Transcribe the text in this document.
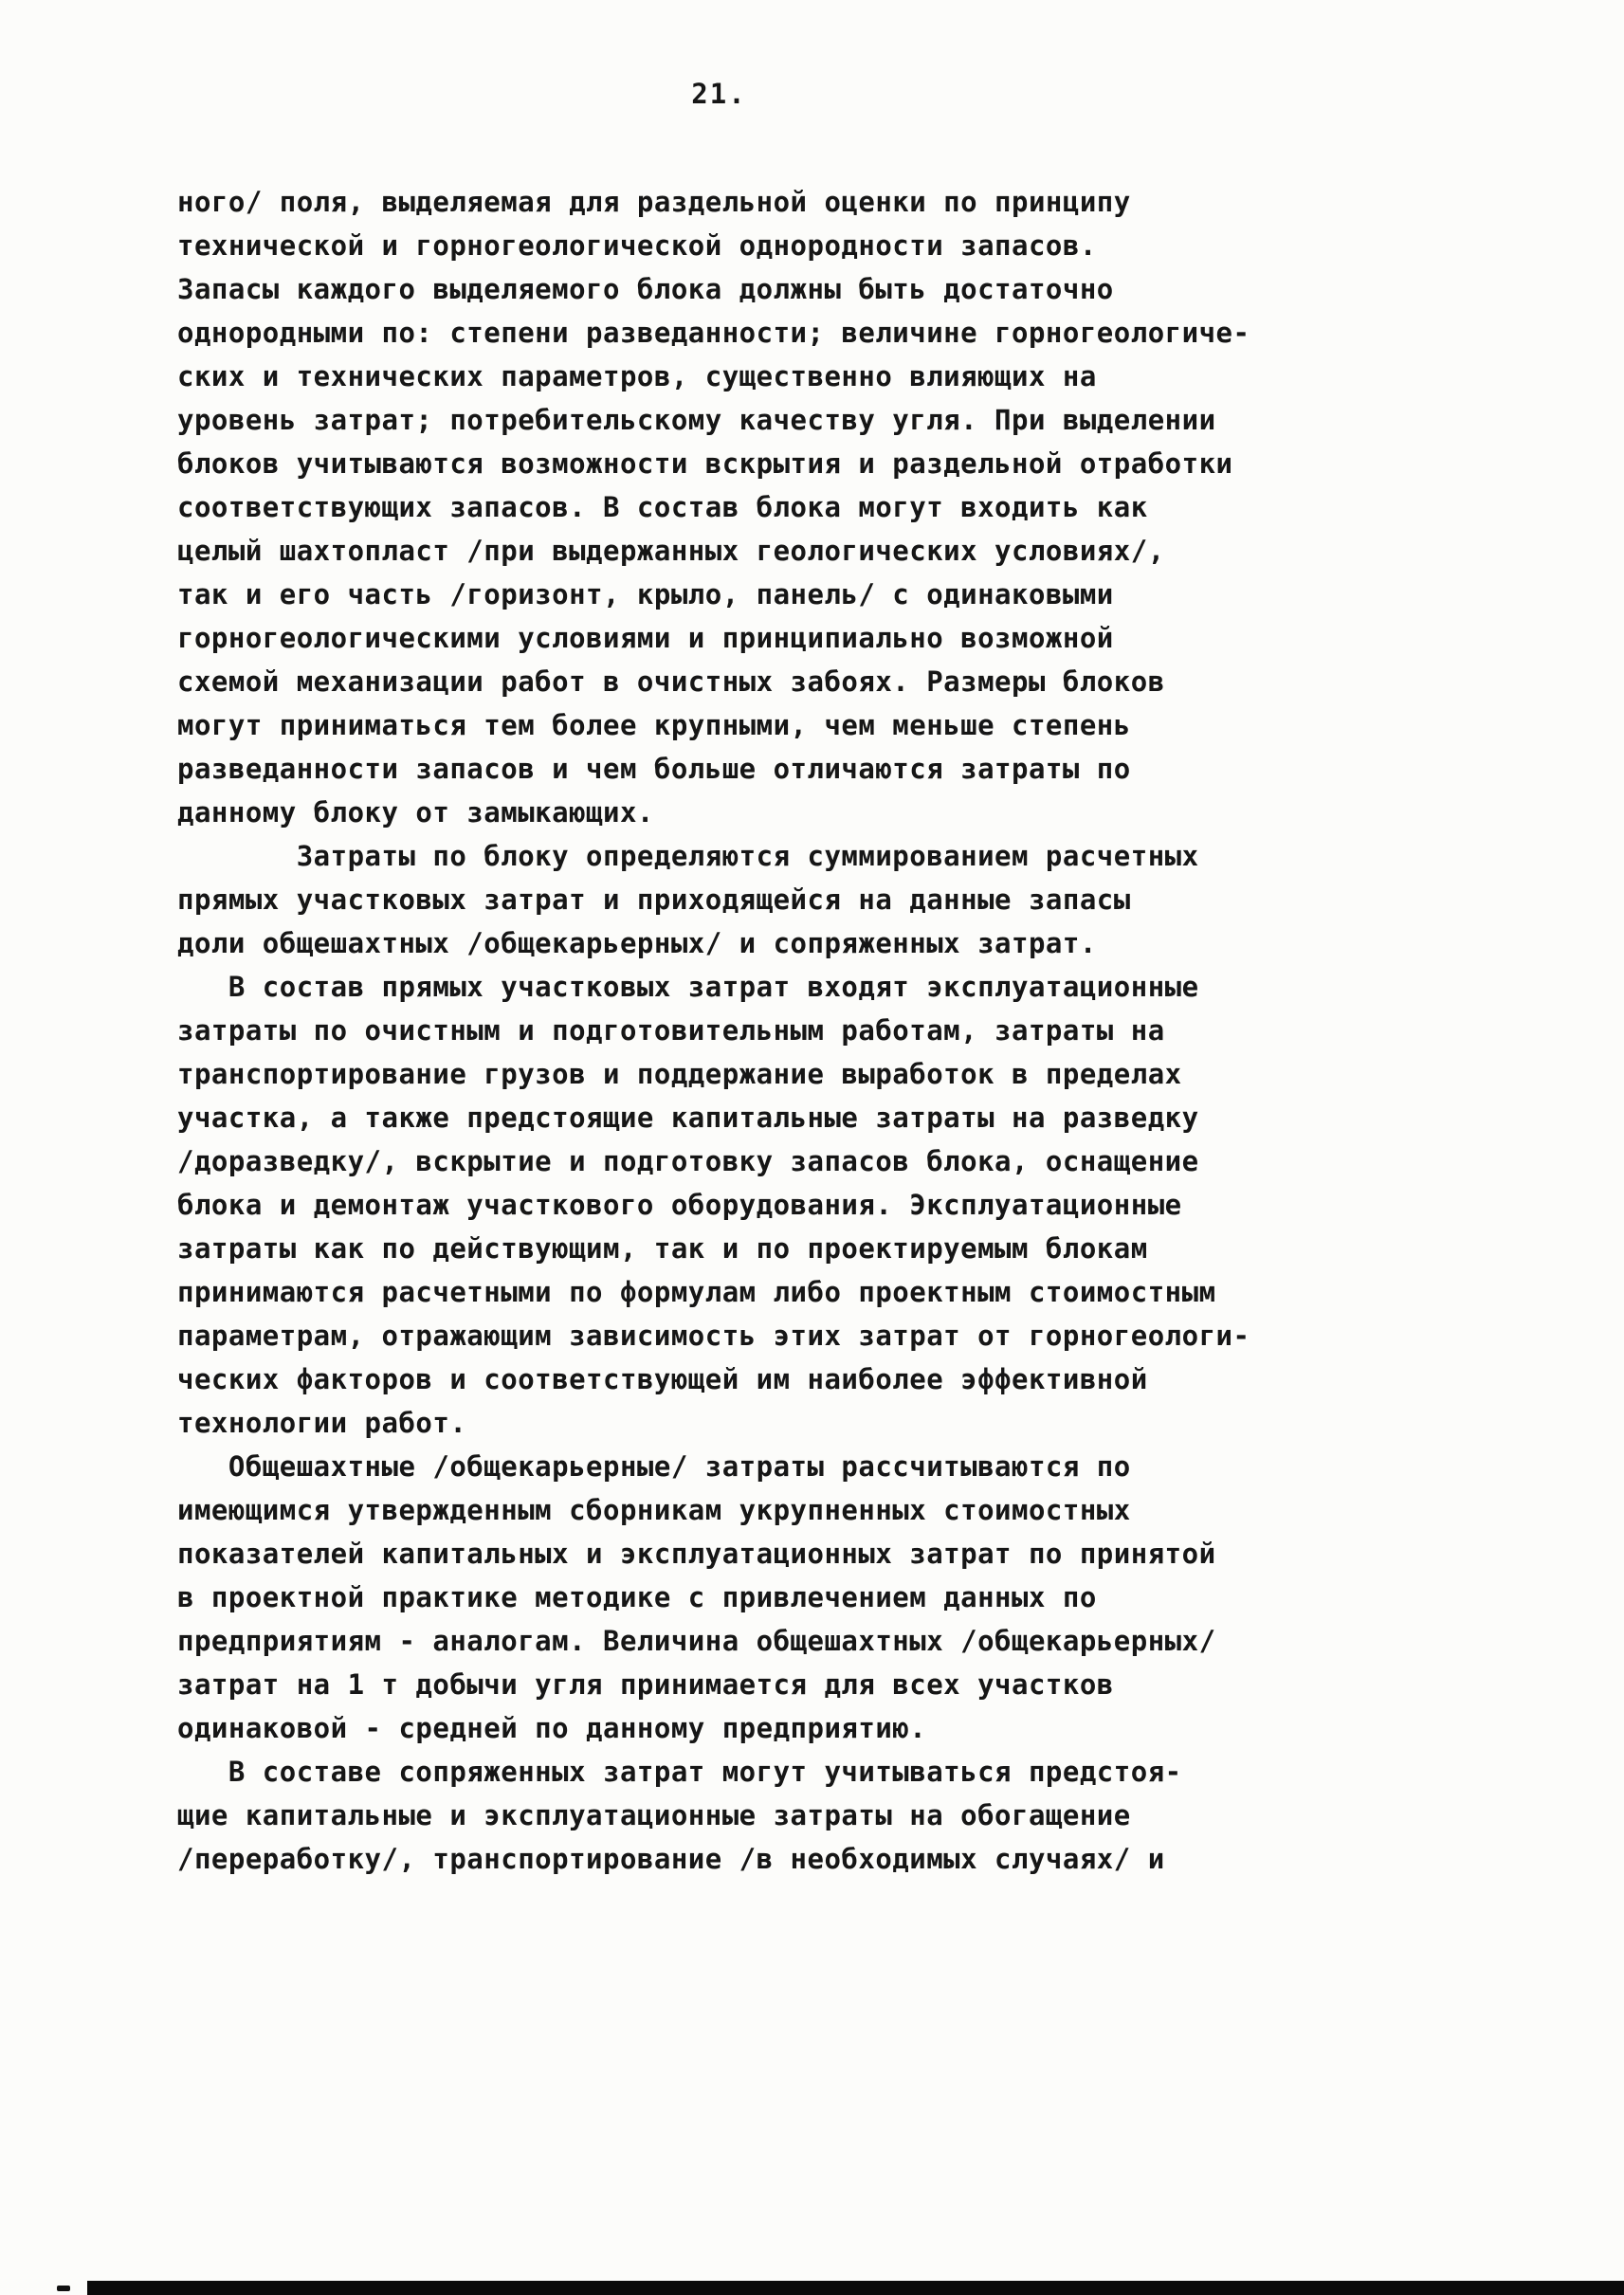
21.
ного/ поля, выделяемая для раздельной оценки по принципу
технической и горногеологической однородности запасов.
Запасы каждого выделяемого блока должны быть достаточно
однородными по: степени разведанности; величине горногеологиче-
ских и технических параметров, существенно влияющих на
уровень затрат; потребительскому качеству угля. При выделении
блоков учитываются возможности вскрытия и раздельной отработки
соответствующих запасов. В состав блока могут входить как
целый шахтопласт /при выдержанных геологических условиях/,
так и его часть /горизонт, крыло, панель/ с одинаковыми
горногеологическими условиями и принципиально возможной
схемой механизации работ в очистных забоях. Размеры блоков
могут приниматься тем более крупными, чем меньше степень
разведанности запасов и чем больше отличаются затраты по
данному блоку от замыкающих.
Затраты по блоку определяются суммированием расчетных
прямых участковых затрат и приходящейся на данные запасы
доли общешахтных /общекарьерных/ и сопряженных затрат.
В состав прямых участковых затрат входят эксплуатационные
затраты по очистным и подготовительным работам, затраты на
транспортирование грузов и поддержание выработок в пределах
участка, а также предстоящие капитальные затраты на разведку
/доразведку/, вскрытие и подготовку запасов блока, оснащение
блока и демонтаж участкового оборудования. Эксплуатационные
затраты как по действующим, так и по проектируемым блокам
принимаются расчетными по формулам либо проектным стоимостным
параметрам, отражающим зависимость этих затрат от горногеологи-
ческих факторов и соответствующей им наиболее эффективной
технологии работ.
Общешахтные /общекарьерные/ затраты рассчитываются по
имеющимся утвержденным сборникам укрупненных стоимостных
показателей капитальных и эксплуатационных затрат по принятой
в проектной практике методике с привлечением данных по
предприятиям - аналогам. Величина общешахтных /общекарьерных/
затрат на 1 т добычи угля принимается для всех участков
одинаковой - средней по данному предприятию.
В составе сопряженных затрат могут учитываться предстоя-
щие капитальные и эксплуатационные затраты на обогащение
/переработку/, транспортирование /в необходимых случаях/ и
